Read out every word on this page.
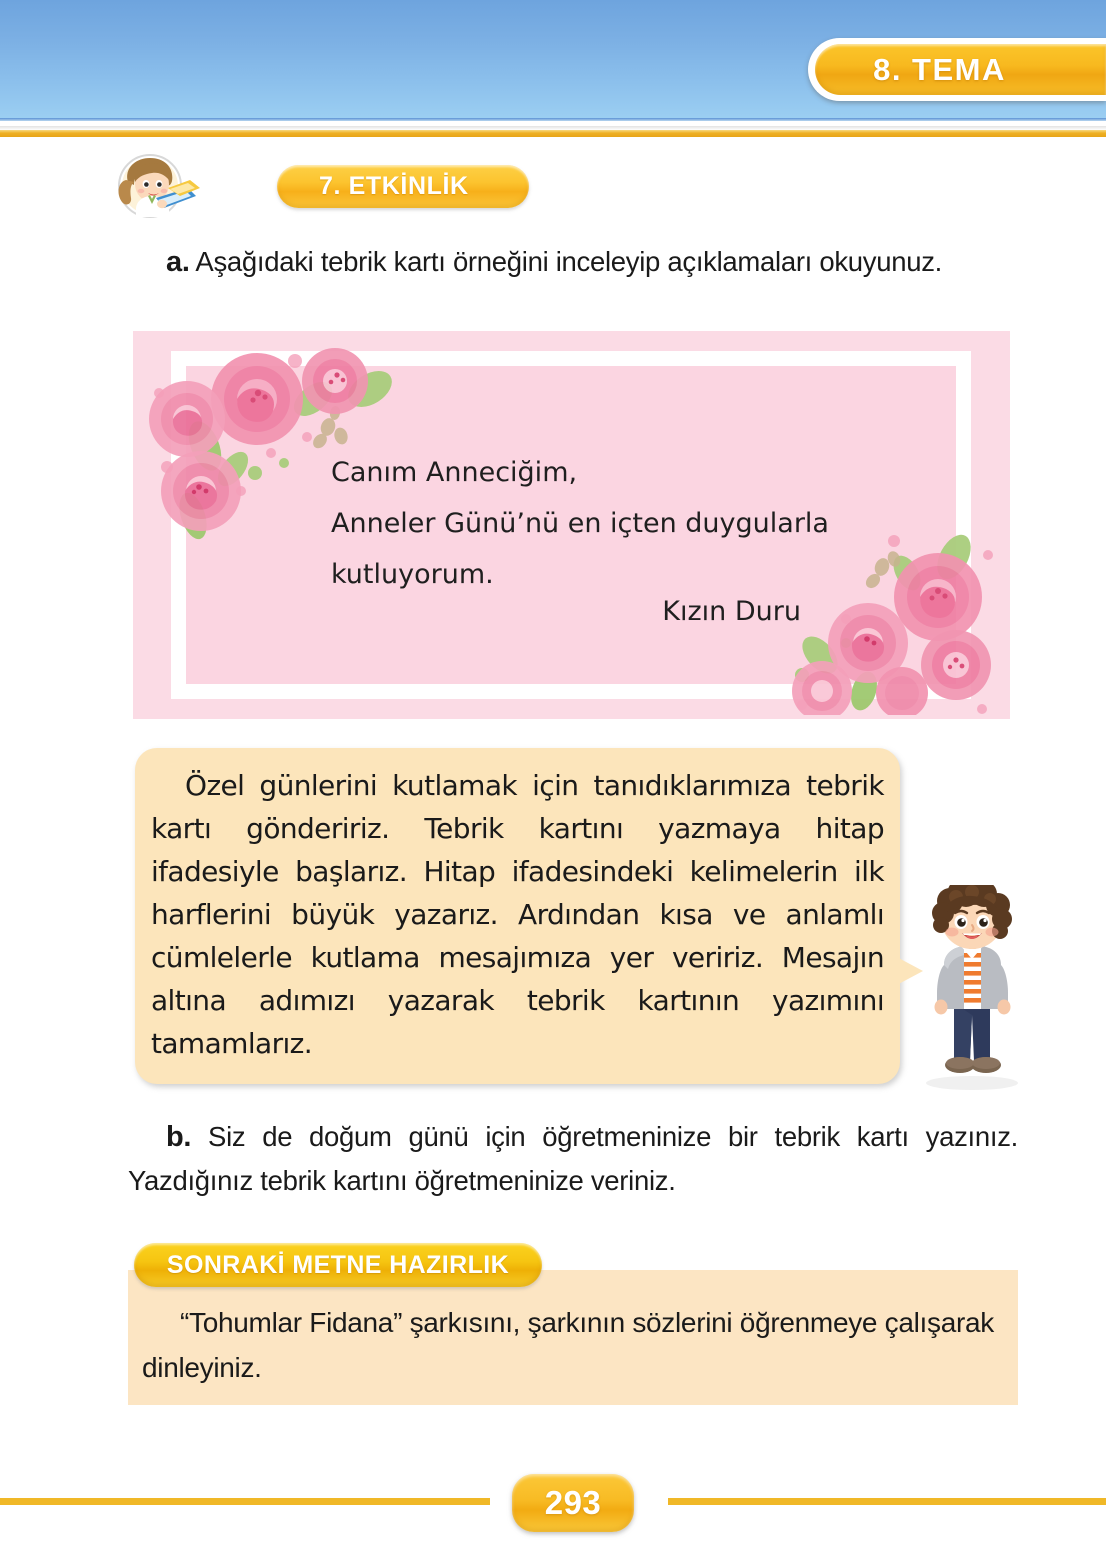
8. TEMA
7. ETKİNLİK
a. Aşağıdaki tebrik kartı örneğini inceleyip açıklamaları okuyunuz.
Canım Anneciğim,
Anneler Günü’nü en içten duygularla kutluyorum.
Kızın Duru
Özel günlerini kutlamak için tanıdıklarımıza tebrik kartı göndeririz. Tebrik kartını yazmaya hitap ifadesiyle başlarız. Hitap ifadesindeki kelimelerin ilk harflerini büyük yazarız. Ardından kısa ve anlamlı cümlelerle kutlama mesajımıza yer veririz. Mesajın altına adımızı yazarak tebrik kartının yazımını tamamlarız.
b. Siz de doğum günü için öğretmeninize bir tebrik kartı yazınız. Yazdığınız tebrik kartını öğretmeninize veriniz.
SONRAKİ METNE HAZIRLIK
“Tohumlar Fidana” şarkısını, şarkının sözlerini öğrenmeye çalışarak dinleyiniz.
293
